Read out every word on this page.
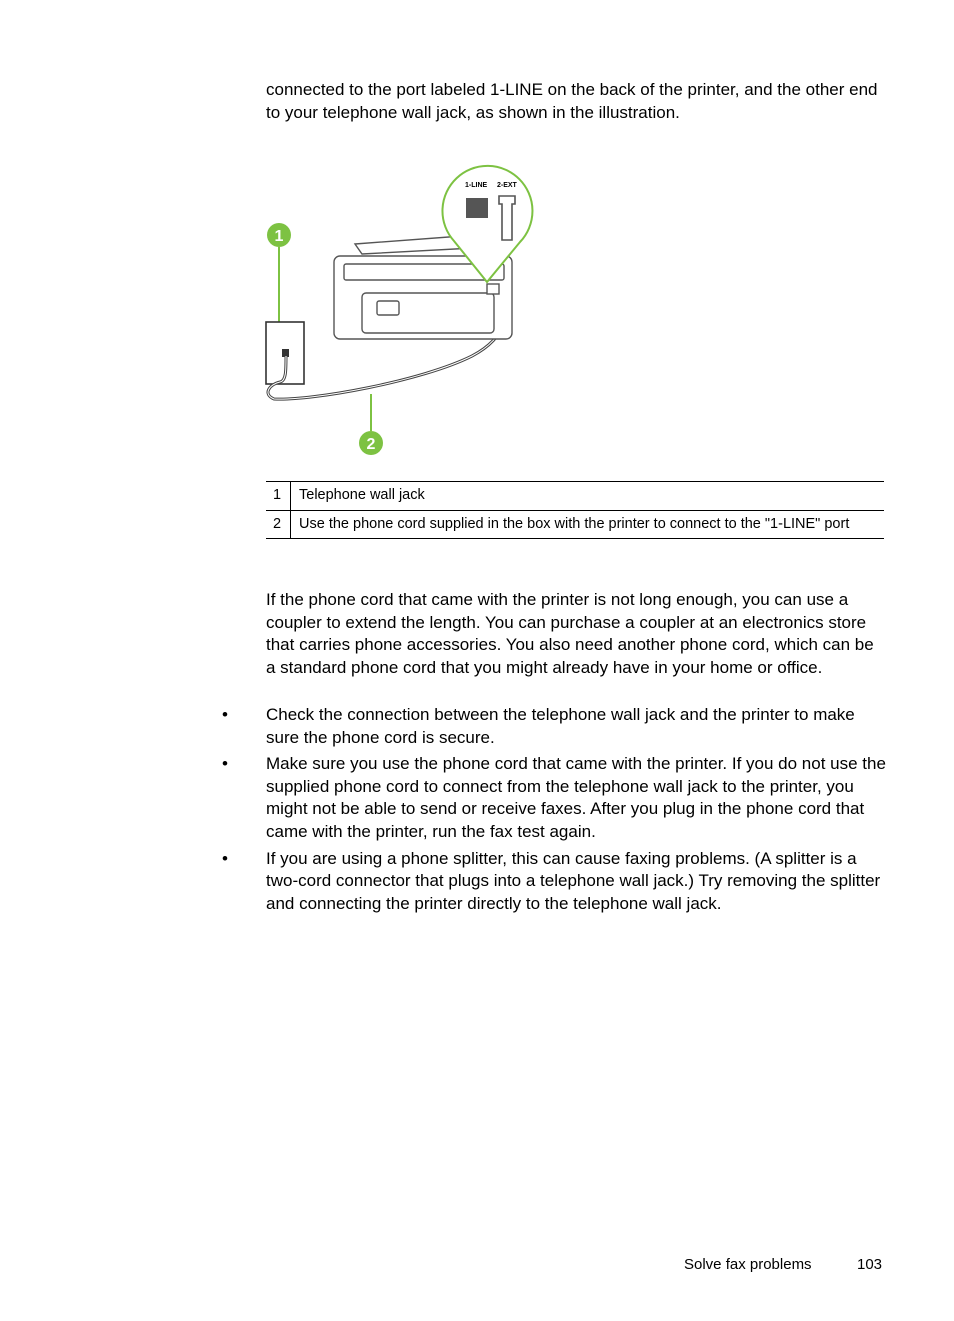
connected to the port labeled 1-LINE on the back of the printer, and the other end to your telephone wall jack, as shown in the illustration.

1
2
1-LINE 2-EXT
1	Telephone wall jack
2	Use the phone cord supplied in the box with the printer to connect to the "1-LINE" port

If the phone cord that came with the printer is not long enough, you can use a coupler to extend the length. You can purchase a coupler at an electronics store that carries phone accessories. You also need another phone cord, which can be a standard phone cord that you might already have in your home or office.

• Check the connection between the telephone wall jack and the printer to make sure the phone cord is secure.
• Make sure you use the phone cord that came with the printer. If you do not use the supplied phone cord to connect from the telephone wall jack to the printer, you might not be able to send or receive faxes. After you plug in the phone cord that came with the printer, run the fax test again.
• If you are using a phone splitter, this can cause faxing problems. (A splitter is a two-cord connector that plugs into a telephone wall jack.) Try removing the splitter and connecting the printer directly to the telephone wall jack.
Solve fax problems	103
